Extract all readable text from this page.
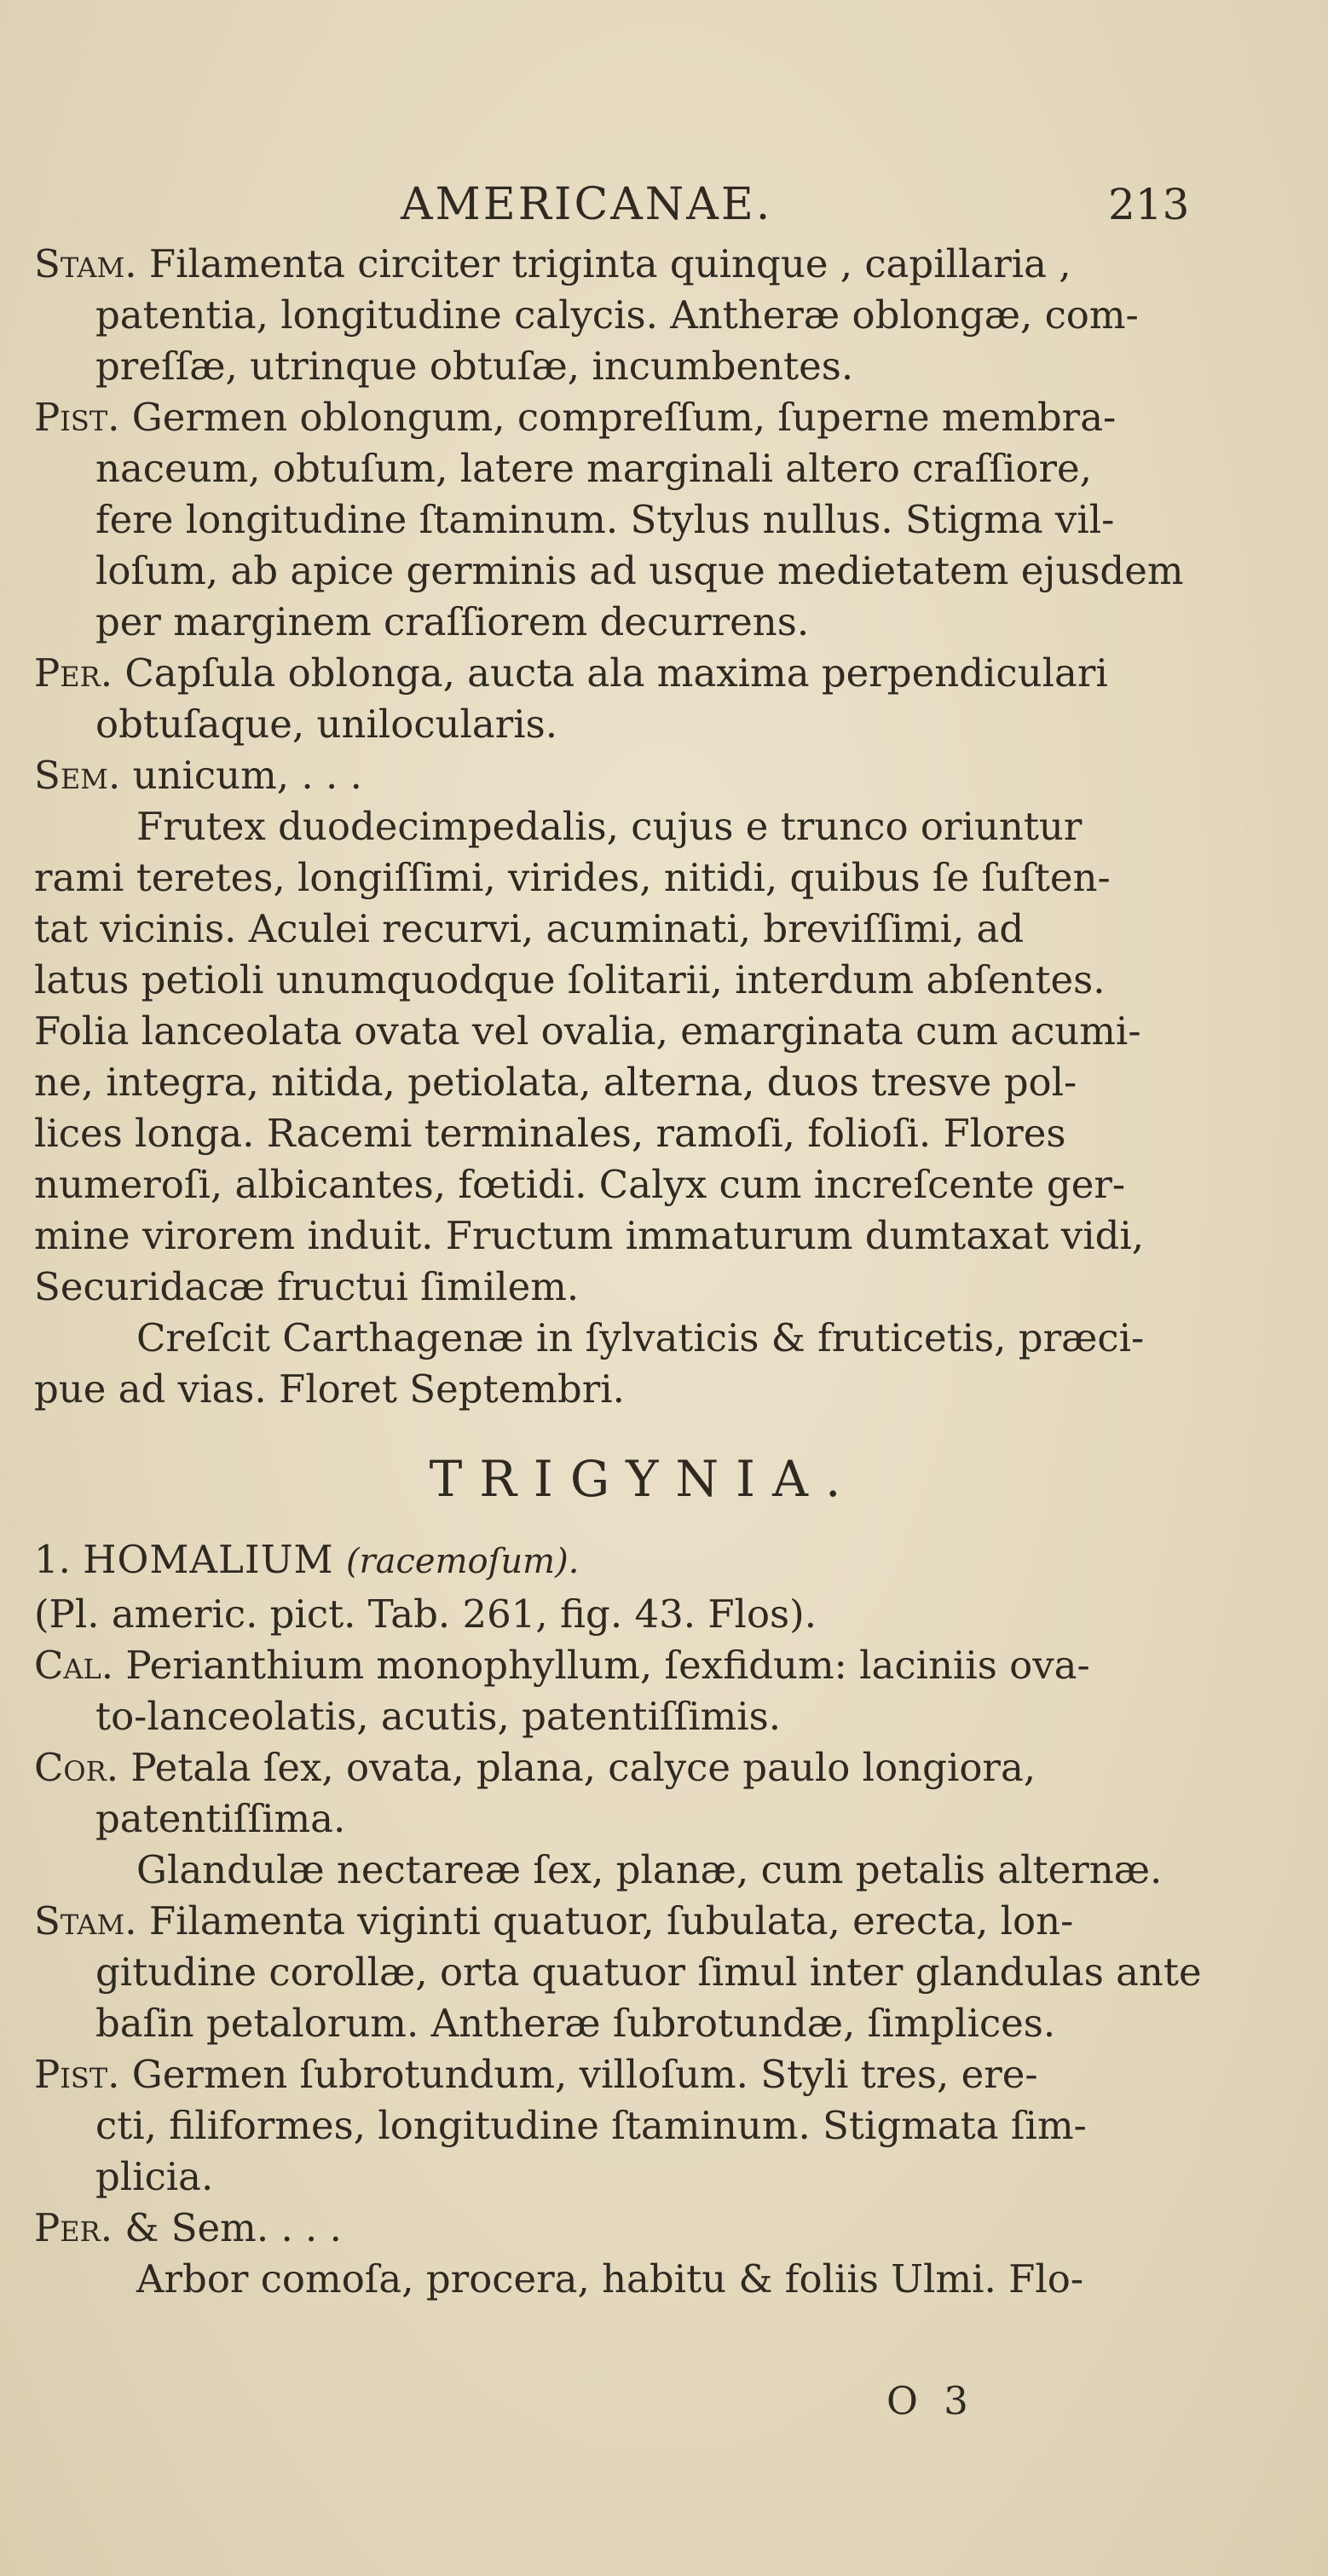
AMERICANAE.	213
Stam. Filamenta circiter triginta quinque , capillaria ,
patentia, longitudine calycis. Antheræ oblongæ, com-
preſſæ, utrinque obtuſæ, incumbentes.
Pist. Germen oblongum, compreſſum, ſuperne membra-
naceum, obtuſum, latere marginali altero craſſiore,
fere longitudine ſtaminum. Stylus nullus. Stigma vil-
loſum, ab apice germinis ad usque medietatem ejusdem
per marginem craſſiorem decurrens.
Per. Capſula oblonga, aucta ala maxima perpendiculari
obtuſaque, unilocularis.
Sem. unicum, . . .
Frutex duodecimpedalis, cujus e trunco oriuntur
rami teretes, longiſſimi, virides, nitidi, quibus ſe ſuſten-
tat vicinis. Aculei recurvi, acuminati, breviſſimi, ad
latus petioli unumquodque ſolitarii, interdum abſentes.
Folia lanceolata ovata vel ovalia, emarginata cum acumi-
ne, integra, nitida, petiolata, alterna, duos tresve pol-
lices longa. Racemi terminales, ramoſi, folioſi. Flores
numeroſi, albicantes, fœtidi. Calyx cum increſcente ger-
mine virorem induit. Fructum immaturum dumtaxat vidi,
Securidacæ fructui ſimilem.
Creſcit Carthagenæ in ſylvaticis & fruticetis, præci-
pue ad vias. Floret Septembri.
TRIGYNIA.
1. HOMALIUM (racemoſum).
(Pl. americ. pict. Tab. 261, fig. 43. Flos).
Cal. Perianthium monophyllum, ſexfidum: laciniis ova-
to-lanceolatis, acutis, patentiſſimis.
Cor. Petala ſex, ovata, plana, calyce paulo longiora,
patentiſſima.
Glandulæ nectareæ ſex, planæ, cum petalis alternæ.
Stam. Filamenta viginti quatuor, ſubulata, erecta, lon-
gitudine corollæ, orta quatuor ſimul inter glandulas ante
baſin petalorum. Antheræ ſubrotundæ, ſimplices.
Pist. Germen ſubrotundum, villoſum. Styli tres, ere-
cti, filiformes, longitudine ſtaminum. Stigmata ſim-
plicia.
Per. & Sem. . . .
Arbor comoſa, procera, habitu & foliis Ulmi. Flo-
O 3
